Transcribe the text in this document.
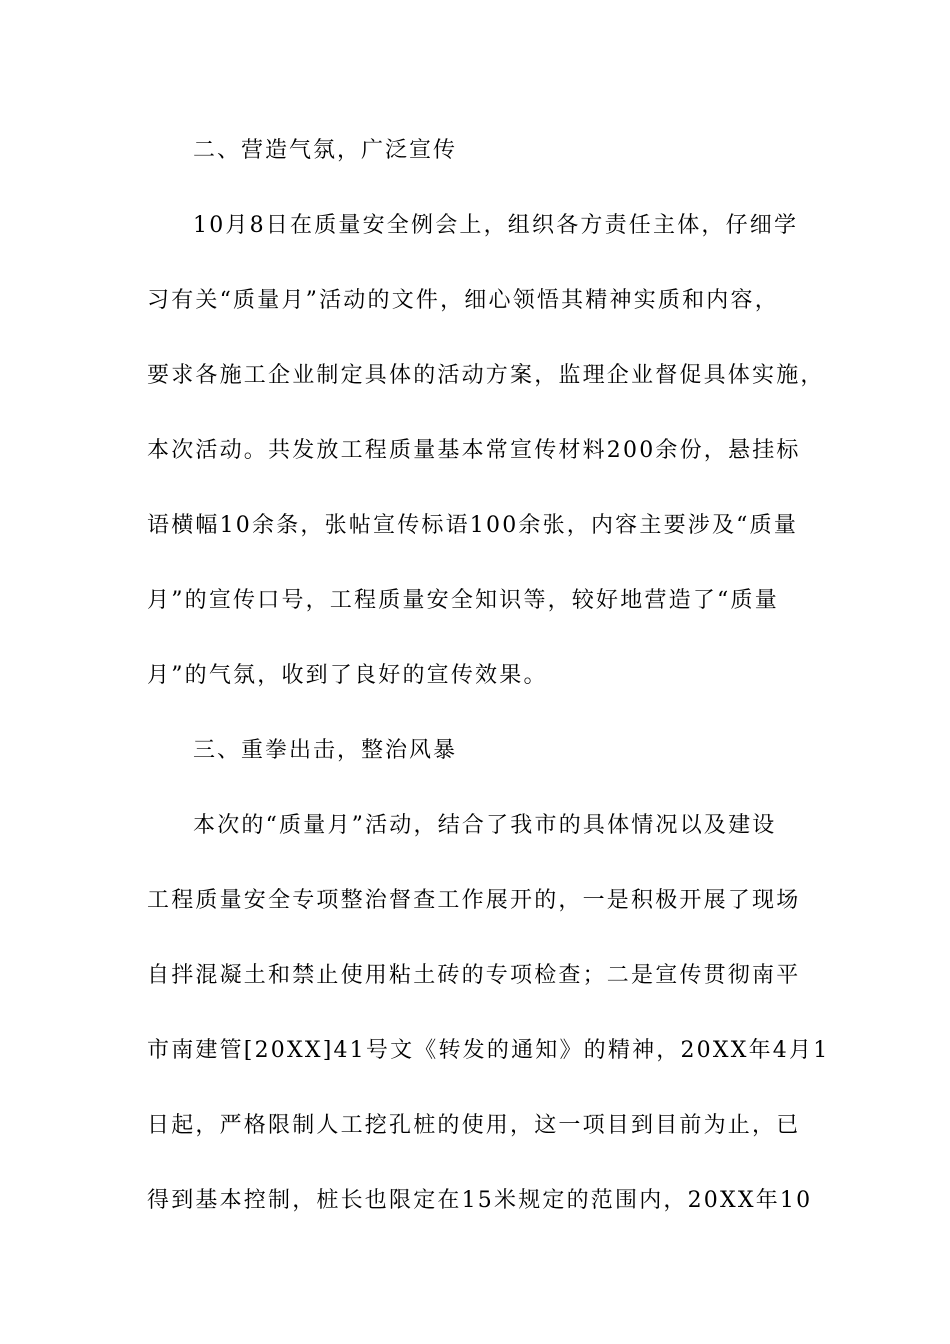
二、营造气氛，广泛宣传
10月8日在质量安全例会上，组织各方责任主体，仔细学
习有关“质量月”活动的文件，细心领悟其精神实质和内容，
要求各施工企业制定具体的活动方案，监理企业督促具体实施，
本次活动。共发放工程质量基本常宣传材料200余份，悬挂标
语横幅10余条，张帖宣传标语100余张，内容主要涉及“质量
月”的宣传口号，工程质量安全知识等，较好地营造了“质量
月”的气氛，收到了良好的宣传效果。
三、重拳出击，整治风暴
本次的“质量月”活动，结合了我市的具体情况以及建设
工程质量安全专项整治督查工作展开的，一是积极开展了现场
自拌混凝土和禁止使用粘土砖的专项检查；二是宣传贯彻南平
市南建管[20XX]41号文《转发的通知》的精神，20XX年4月1
日起，严格限制人工挖孔桩的使用，这一项目到目前为止，已
得到基本控制，桩长也限定在15米规定的范围内，20XX年10
